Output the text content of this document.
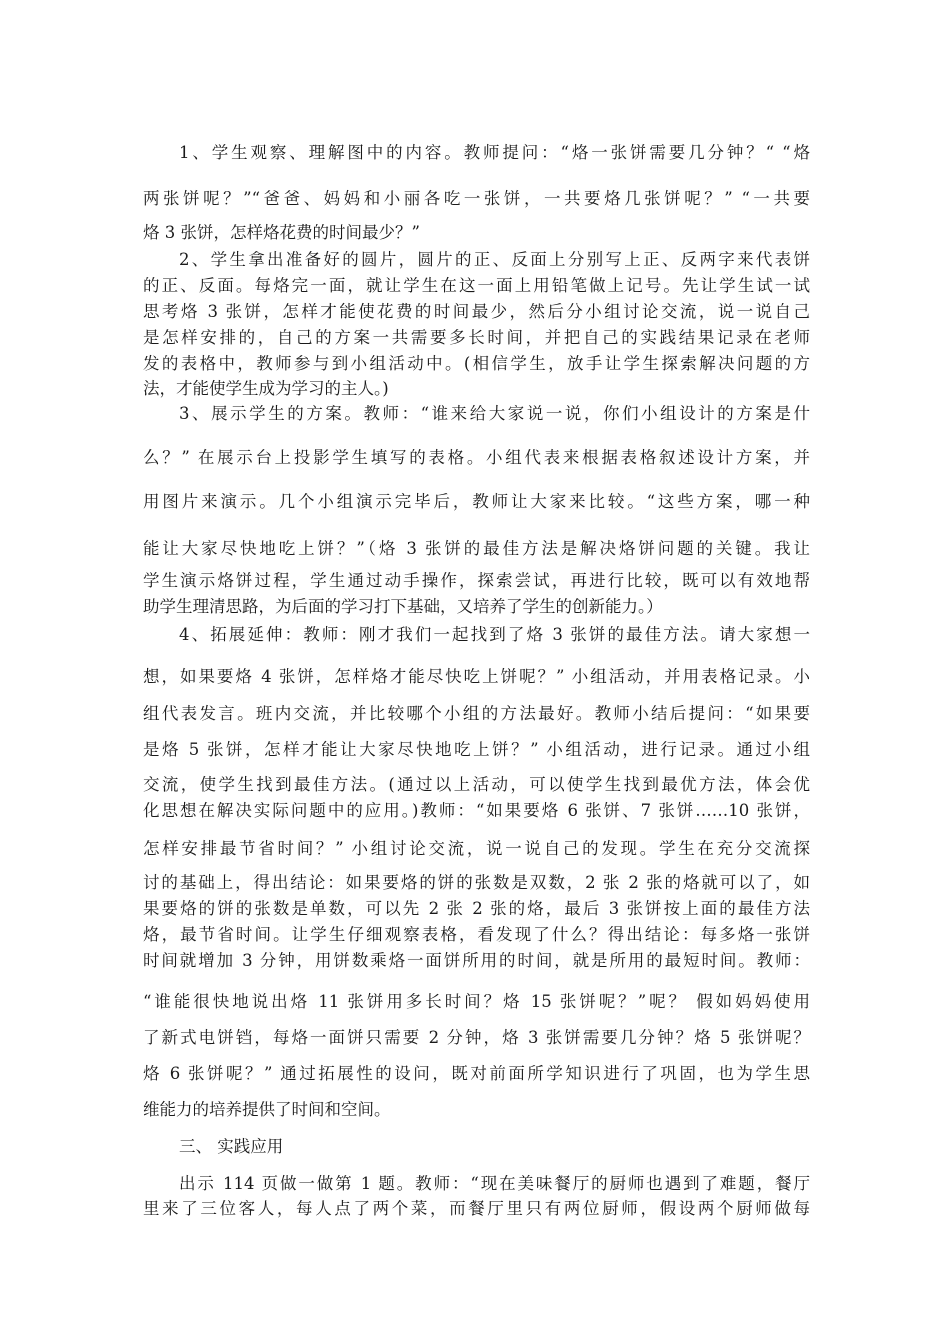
1、学生观察、理解图中的内容。教师提问：“烙一张饼需要几分钟？“ “烙
两张饼呢？”“爸爸、妈妈和小丽各吃一张饼，一共要烙几张饼呢？” “一共要
烙 3 张饼，怎样烙花费的时间最少？”
2、学生拿出准备好的圆片，圆片的正、反面上分别写上正、反两字来代表饼
的正、反面。每烙完一面，就让学生在这一面上用铅笔做上记号。先让学生试一试
思考烙 3 张饼，怎样才能使花费的时间最少，然后分小组讨论交流，说一说自己
是怎样安排的，自己的方案一共需要多长时间，并把自己的实践结果记录在老师
发的表格中，教师参与到小组活动中。(相信学生，放手让学生探索解决问题的方
法，才能使学生成为学习的主人。)
3、展示学生的方案。教师：“谁来给大家说一说，你们小组设计的方案是什
么？” 在展示台上投影学生填写的表格。小组代表来根据表格叙述设计方案，并
用图片来演示。几个小组演示完毕后，教师让大家来比较。“这些方案，哪一种
能让大家尽快地吃上饼？”（烙 3 张饼的最佳方法是解决烙饼问题的关键。我让
学生演示烙饼过程，学生通过动手操作，探索尝试，再进行比较，既可以有效地帮
助学生理清思路，为后面的学习打下基础，又培养了学生的创新能力。）
4、拓展延伸：教师：刚才我们一起找到了烙 3 张饼的最佳方法。请大家想一
想，如果要烙 4 张饼，怎样烙才能尽快吃上饼呢？” 小组活动，并用表格记录。小
组代表发言。班内交流，并比较哪个小组的方法最好。教师小结后提问：“如果要
是烙 5 张饼，怎样才能让大家尽快地吃上饼？” 小组活动，进行记录。通过小组
交流，使学生找到最佳方法。(通过以上活动，可以使学生找到最优方法，体会优
化思想在解决实际问题中的应用。)教师：“如果要烙 6 张饼、7 张饼……10 张饼，
怎样安排最节省时间？” 小组讨论交流，说一说自己的发现。学生在充分交流探
讨的基础上，得出结论：如果要烙的饼的张数是双数，2 张 2 张的烙就可以了，如
果要烙的饼的张数是单数，可以先 2 张 2 张的烙，最后 3 张饼按上面的最佳方法
烙，最节省时间。让学生仔细观察表格，看发现了什么？得出结论：每多烙一张饼
时间就增加 3 分钟，用饼数乘烙一面饼所用的时间，就是所用的最短时间。教师：
“谁能很快地说出烙 11 张饼用多长时间？烙 15 张饼呢？”呢？ 假如妈妈使用
了新式电饼铛，每烙一面饼只需要 2 分钟，烙 3 张饼需要几分钟？烙 5 张饼呢？
烙 6 张饼呢？” 通过拓展性的设问，既对前面所学知识进行了巩固，也为学生思
维能力的培养提供了时间和空间。
三、 实践应用
出示 114 页做一做第 1 题。教师：“现在美味餐厅的厨师也遇到了难题，餐厅
里来了三位客人，每人点了两个菜，而餐厅里只有两位厨师，假设两个厨师做每
